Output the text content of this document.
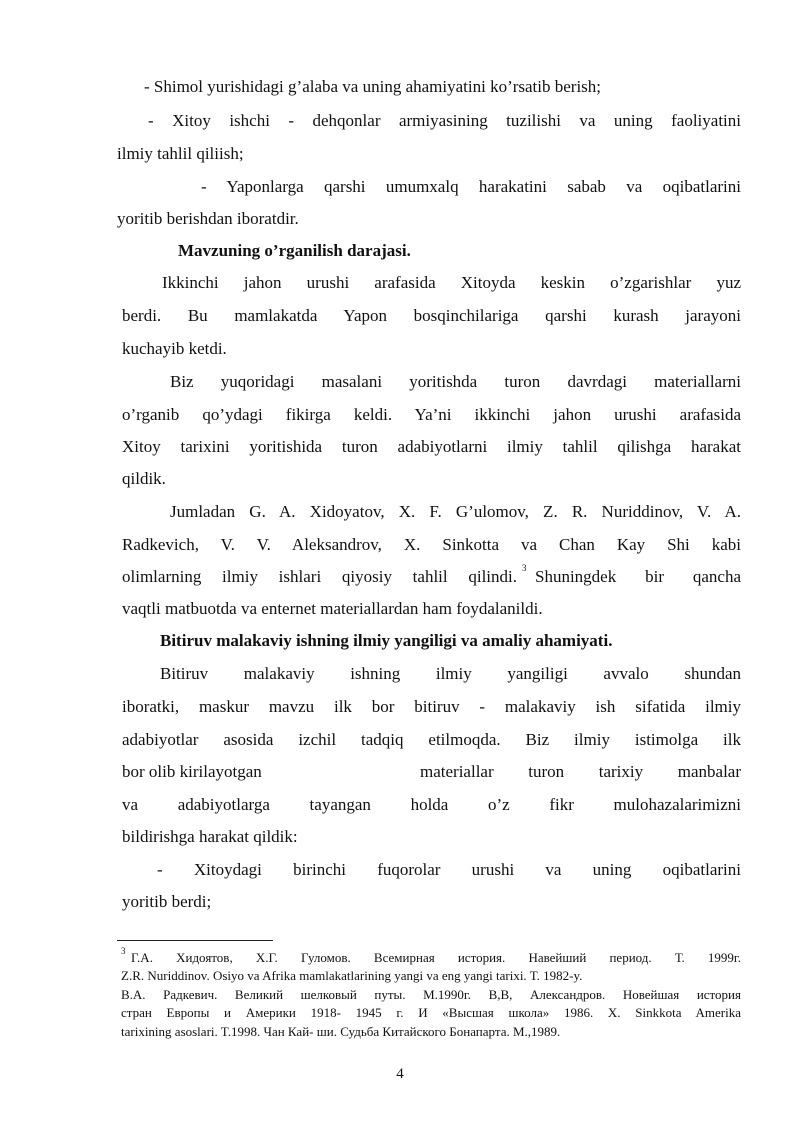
- Shimol yurishidagi g’alaba va uning ahamiyatini ko’rsatib berish;
- Xitoy ishchi - dehqonlar armiyasining tuzilishi va uning faoliyatini
ilmiy tahlil qiliish;
- Yaponlarga qarshi umumxalq harakatini sabab va oqibatlarini
yoritib berishdan iboratdir.
Mavzuning o’rganilish darajasi.
Ikkinchi jahon urushi arafasida Xitoyda keskin o’zgarishlar yuz
berdi. Bu mamlakatda Yapon bosqinchilariga qarshi kurash jarayoni
kuchayib ketdi.
Biz yuqoridagi masalani yoritishda turon davrdagi materiallarni
o’rganib qo’ydagi fikirga keldi. Ya’ni ikkinchi jahon urushi arafasida
Xitoy tarixini yoritishida turon adabiyotlarni ilmiy tahlil qilishga harakat
qildik.
Jumladan G. A. Xidoyatov, X. F. G’ulomov, Z. R. Nuriddinov, V. A.
Radkevich, V. V. Aleksandrov, X. Sinkotta va Chan Kay Shi kabi
olimlarning ilmiy ishlari qiyosiy tahlil qilindi. 3 Shuningdek bir qancha
vaqtli matbuotda va enternet materiallardan ham foydalanildi.
Bitiruv malakaviy ishning ilmiy yangiligi va amaliy ahamiyati.
Bitiruv malakaviy ishning ilmiy yangiligi avvalo shundan
iboratki, maskur mavzu ilk bor bitiruv - malakaviy ish sifatida ilmiy
adabiyotlar asosida izchil tadqiq etilmoqda. Biz ilmiy istimolga ilk
bor olib kirilayotgan	materiallar turon tarixiy manbalar
va adabiyotlarga tayangan holda o’z fikr mulohazalarimizni
bildirishga harakat qildik:
- Xitoydagi birinchi fuqorolar urushi va uning oqibatlarini
yoritib berdi;
3 Г.А. Хидоятов, Х.Г. Гуломов. Всемирная история. Навейший период. Т. 1999г.
Z.R. Nuriddinov. Osiyo va Afrika mamlakatlarining yangi va eng yangi tarixi. T. 1982-y.
В.А. Радкевич. Великий шелковый путы. М.1990г. В,В, Александров. Новейшая история
стран Европы и Америки 1918- 1945 г. И «Высшая школа» 1986. X. Sinkkota Amerika
tarixining asoslari. T.1998. Чан Кай- ши. Судьба Китайского Бонапарта. М.,1989.
4
